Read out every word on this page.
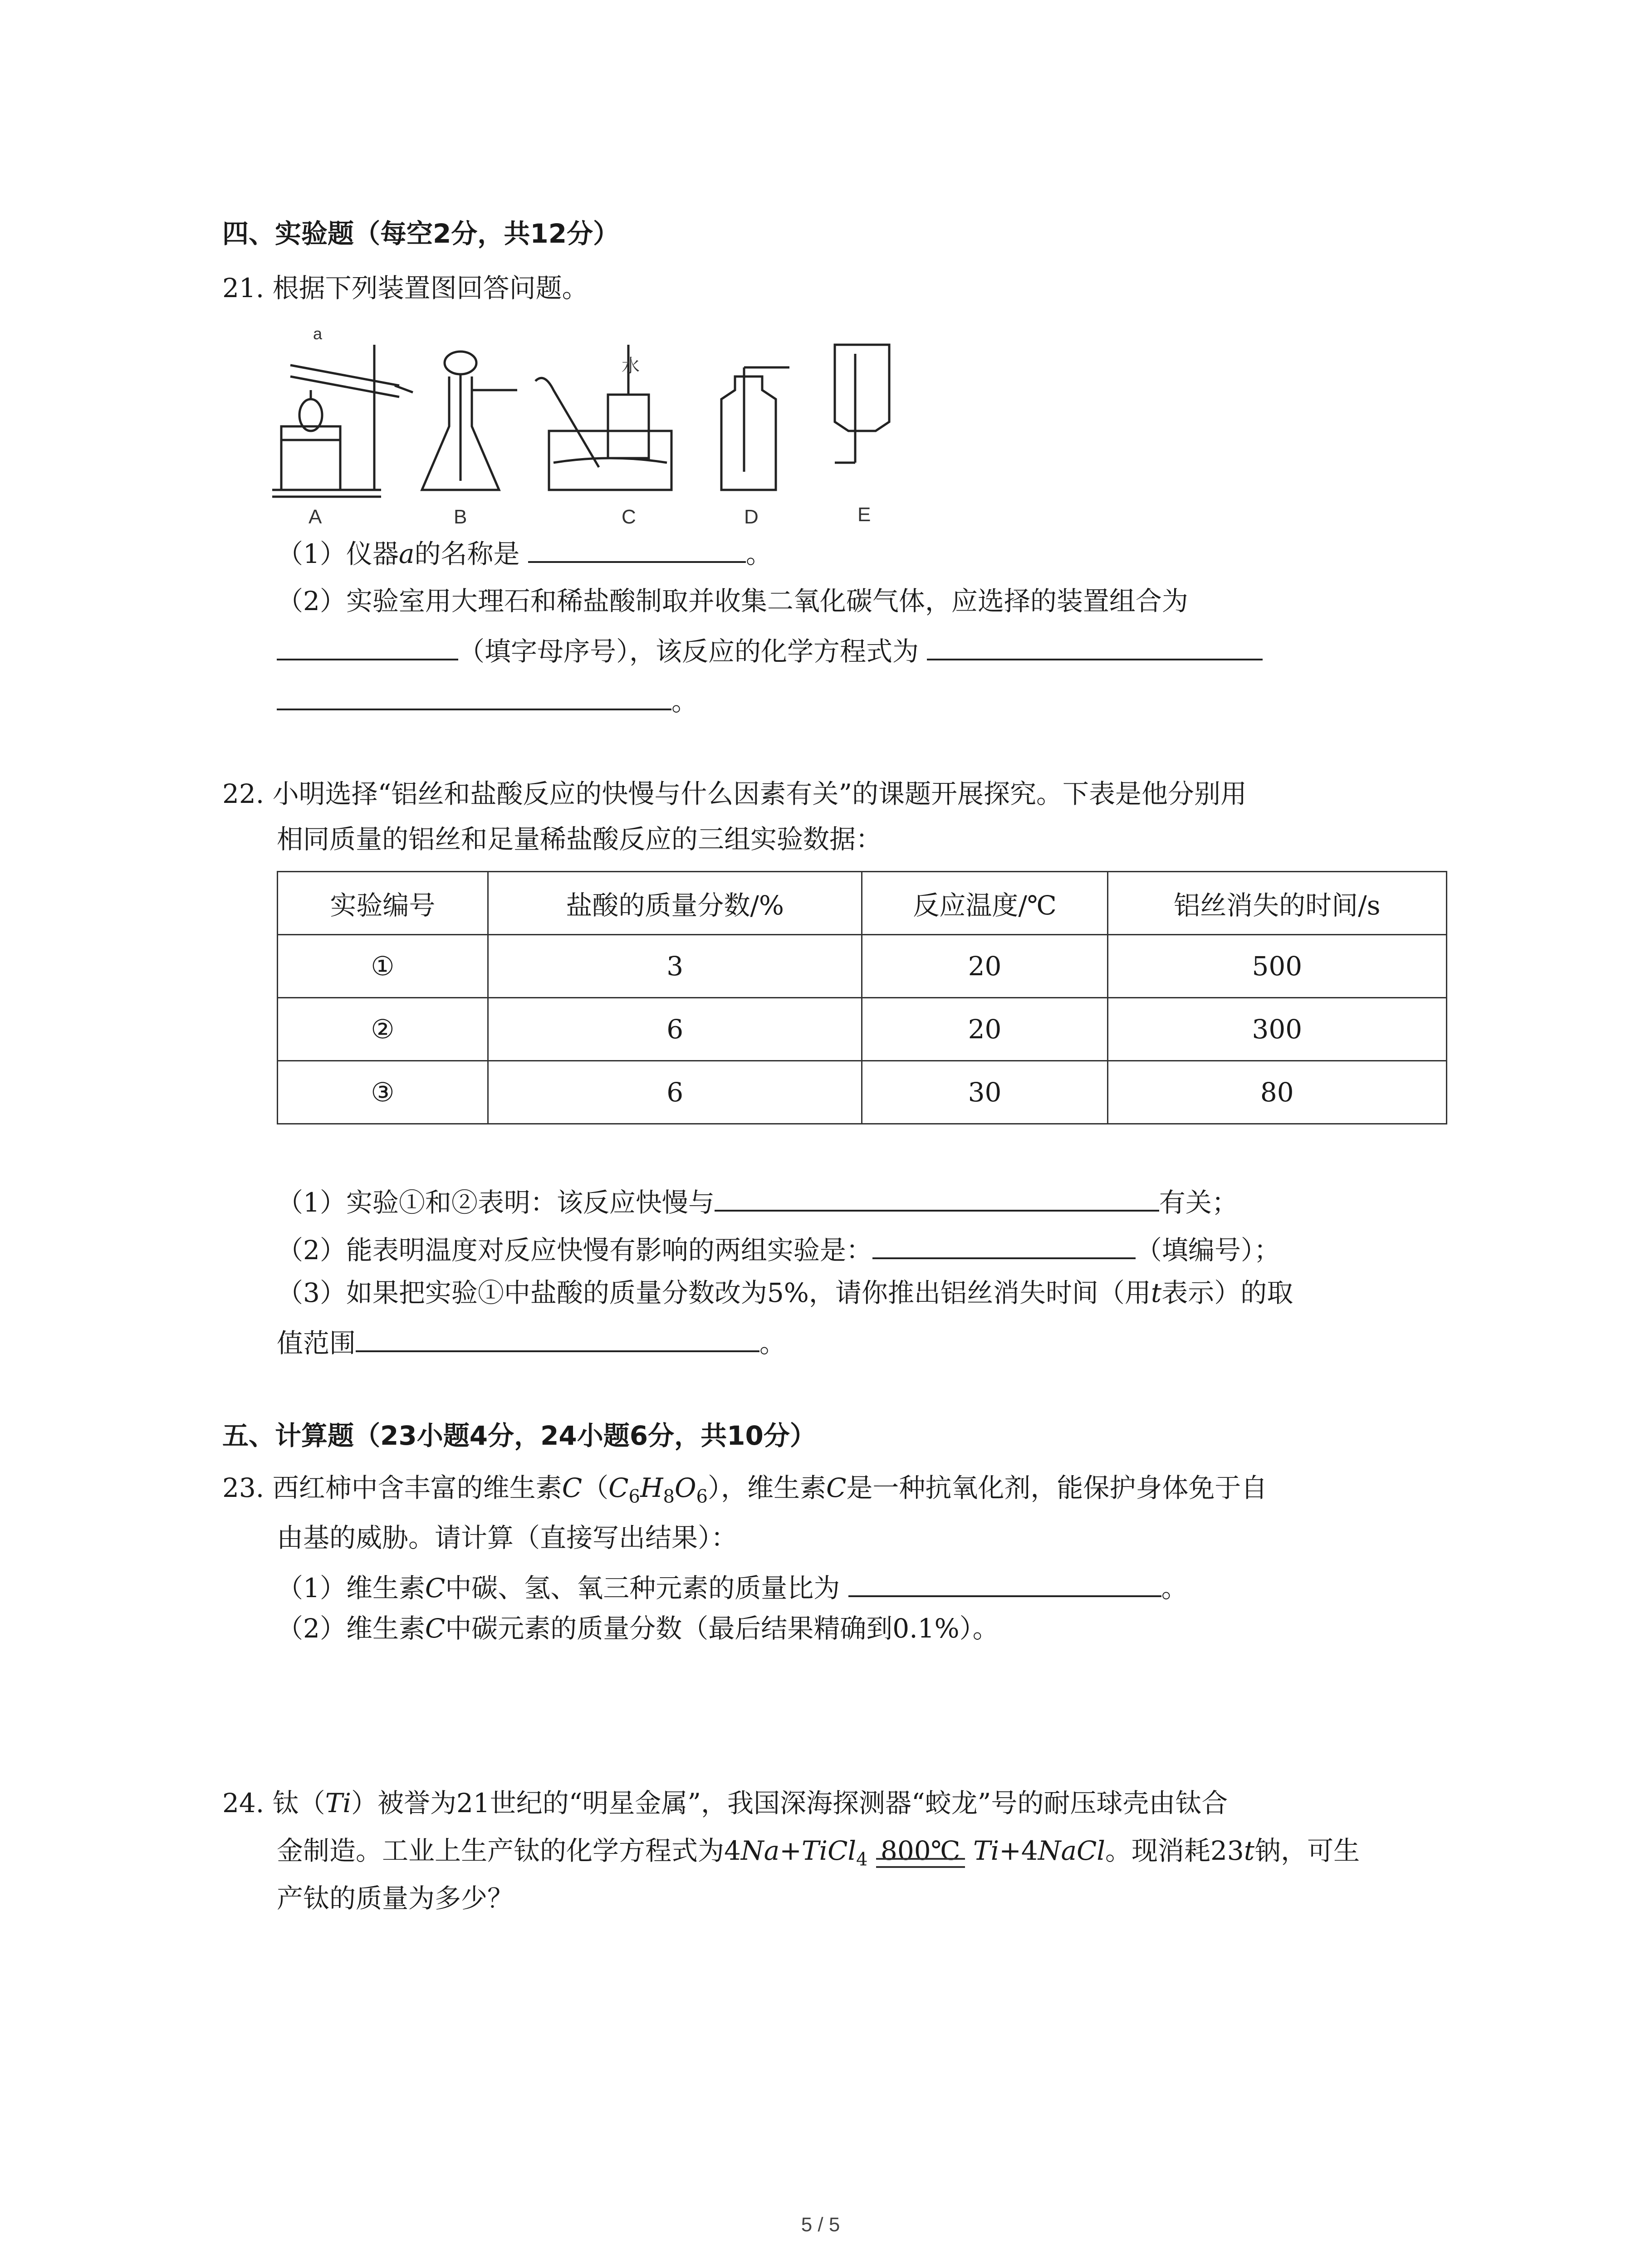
四、实验题（每空2分，共12分）
21. 根据下列装置图回答问题。
A	B	C	D	E
a
水
（1）仪器a的名称是	。
（2）实验室用大理石和稀盐酸制取并收集二氧化碳气体，应选择的装置组合为
（填字母序号），该反应的化学方程式为
。
22. 小明选择“铝丝和盐酸反应的快慢与什么因素有关”的课题开展探究。下表是他分别用
相同质量的铝丝和足量稀盐酸反应的三组实验数据：
实验编号	盐酸的质量分数/%	反应温度/℃	铝丝消失的时间/s
①	3	20	500
②	6	20	300
③	6	30	80
（1）实验①和②表明：该反应快慢与	有关；
（2）能表明温度对反应快慢有影响的两组实验是：	（填编号）；
（3）如果把实验①中盐酸的质量分数改为5%，请你推出铝丝消失时间（用t表示）的取
值范围	。
五、计算题（23小题4分，24小题6分，共10分）
23. 西红柿中含丰富的维生素$C(C_6H_8O_6)$，维生素C是一种抗氧化剂，能保护身体免于自
由基的威胁。请计算（直接写出结果）：
（1）维生素C中碳、氢、氧三种元素的质量比为	。
（2）维生素C中碳元素的质量分数（最后结果精确到0.1%）。
24. 钛（Ti）被誉为21世纪的“明星金属”，我国深海探测器“蛟龙”号的耐压球壳由钛合
金制造。工业上生产钛的化学方程式为4Na+TiCl$_4$ 800℃ Ti+4NaCl。现消耗23t钠，可生
产钛的质量为多少？
5 / 5
